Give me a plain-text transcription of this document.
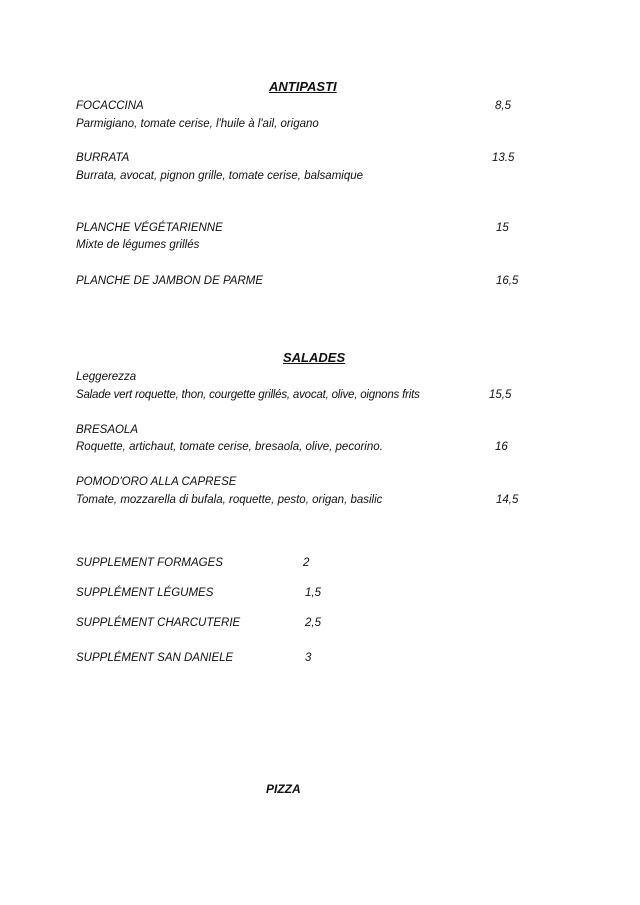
ANTIPASTI
FOCACCINA	8,5
Parmigiano, tomate cerise, l'huile à l'ail, origano
BURRATA	13.5
Burrata, avocat, pignon grille, tomate cerise, balsamique
PLANCHE VÉGÉTARIENNE	15
Mixte de légumes grillés
PLANCHE DE JAMBON DE PARME	16,5
SALADES
Leggerezza
Salade vert roquette, thon, courgette grillés, avocat, olive, oignons frits	15,5
BRESAOLA
Roquette, artichaut, tomate cerise, bresaola, olive, pecorino.	16
POMOD'ORO ALLA CAPRESE
Tomate, mozzarella di bufala, roquette, pesto, origan, basilic	14,5
SUPPLEMENT FORMAGES	2
SUPPLÉMENT LÉGUMES	1,5
SUPPLÉMENT CHARCUTERIE	2,5
SUPPLÉMENT SAN DANIELE	3
PIZZA
